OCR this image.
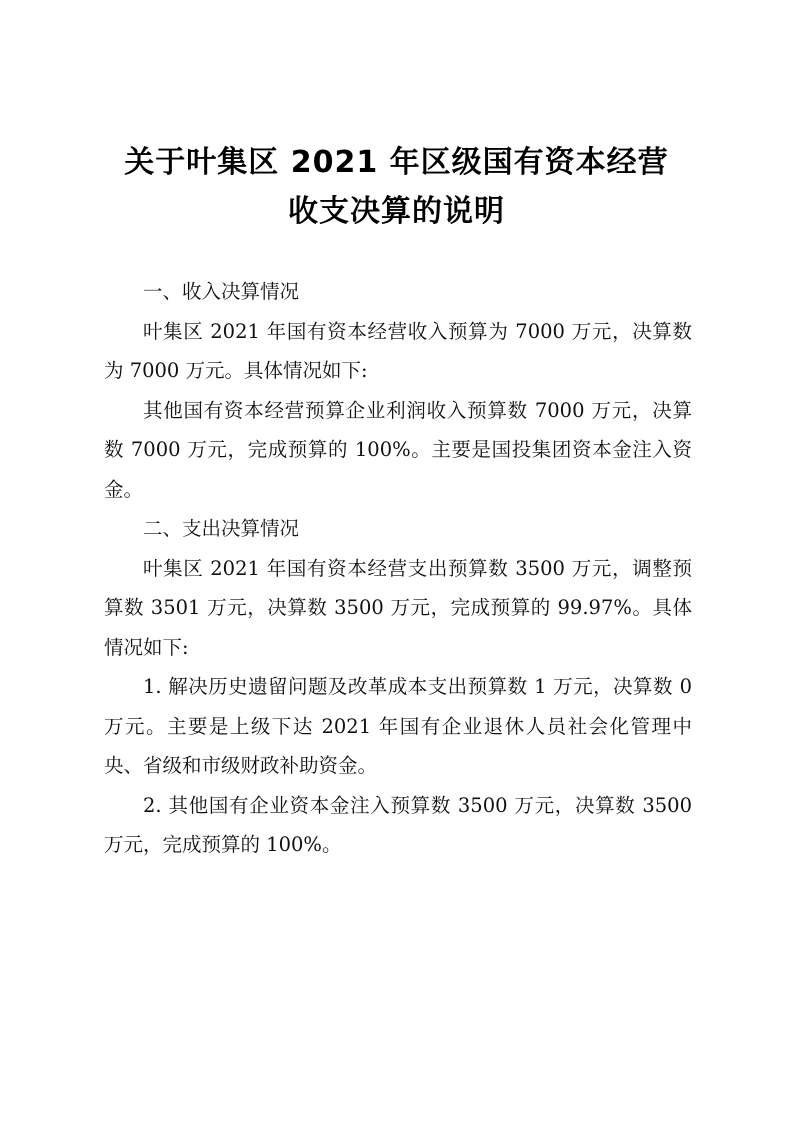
关于叶集区 2021 年区级国有资本经营
收支决算的说明

一、收入决算情况

叶集区 2021 年国有资本经营收入预算为 7000 万元，决算数为 7000 万元。具体情况如下:

其他国有资本经营预算企业利润收入预算数 7000 万元，决算数 7000 万元，完成预算的 100%。主要是国投集团资本金注入资金。

二、支出决算情况

叶集区 2021 年国有资本经营支出预算数 3500 万元，调整预算数 3501 万元，决算数 3500 万元，完成预算的 99.97%。具体情况如下:

1. 解决历史遗留问题及改革成本支出预算数 1 万元，决算数 0 万元。主要是上级下达 2021 年国有企业退休人员社会化管理中央、省级和市级财政补助资金。

2. 其他国有企业资本金注入预算数 3500 万元，决算数 3500 万元，完成预算的 100%。
